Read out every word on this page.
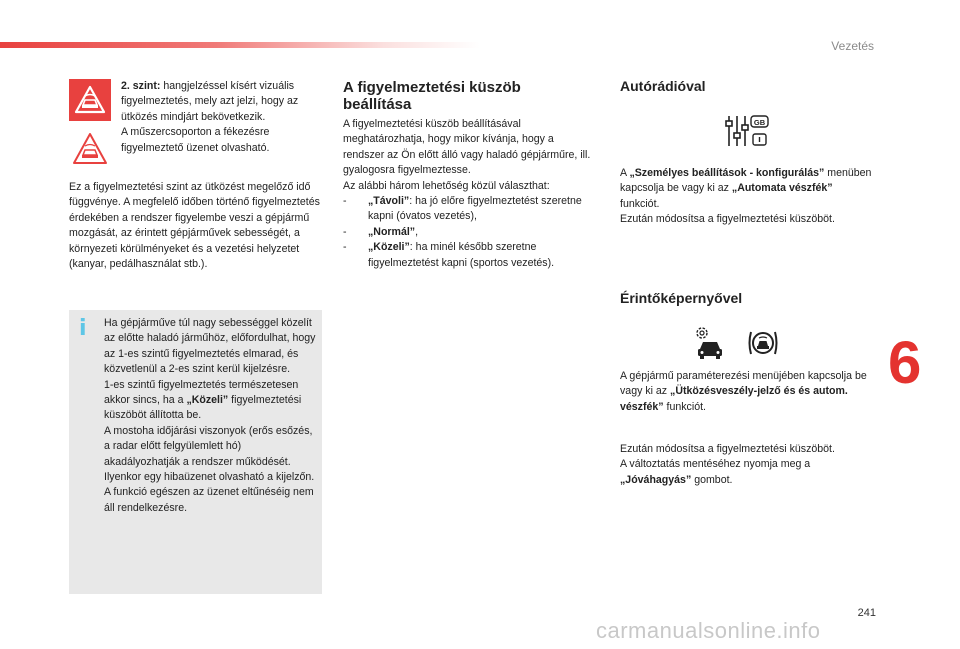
Vezetés
6
241
carmanualsonline.info

2. szint: hangjelzéssel kísért vizuális figyelmeztetés, mely azt jelzi, hogy az ütközés mindjárt bekövetkezik.

A műszercsoporton a fékezésre figyelmeztető üzenet olvasható.

Ez a figyelmeztetési szint az ütközést megelőző idő függvénye. A megfelelő időben történő figyelmeztetés érdekében a rendszer figyelembe veszi a gépjármű mozgását, az érintett gépjárművek sebességét, a környezeti körülményeket és a vezetési helyzetet (kanyar, pedálhasználat stb.).

i Ha gépjárműve túl nagy sebességgel közelít az előtte haladó járműhöz, előfordulhat, hogy az 1-es szintű figyelmeztetés elmarad, és közvetlenül a 2-es szint kerül kijelzésre.

1-es szintű figyelmeztetés természetesen akkor sincs, ha a „Közeli” figyelmeztetési küszöböt állította be.

A mostoha időjárási viszonyok (erős esőzés, a radar előtt felgyülemlett hó) akadályozhatják a rendszer működését. Ilyenkor egy hibaüzenet olvasható a kijelzőn. A funkció egészen az üzenet eltűnéséig nem áll rendelkezésre.

A figyelmeztetési küszöb
beállítása

A figyelmeztetési küszöb beállításával meghatározhatja, hogy mikor kívánja, hogy a rendszer az Ön előtt álló vagy haladó gépjárműre, ill. gyalogosra figyelmeztesse.

Az alábbi három lehetőség közül választhat:

-	„Távoli”: ha jó előre figyelmeztetést szeretne kapni (óvatos vezetés),
-	„Normál”,
-	„Közeli”: ha minél később szeretne figyelmeztetést kapni (sportos vezetés).
Autórádióval
GB

A „Személyes beállítások - konfigurálás” menüben kapcsolja be vagy ki az „Automata vészfék” funkciót.

Ezután módosítsa a figyelmeztetési küszöböt.

Érintőképernyővel

A gépjármű paraméterezési menüjében kapcsolja be vagy ki az „Ütközésveszély-jelző és és autom. vészfék” funkciót.

Ezután módosítsa a figyelmeztetési küszöböt.

A változtatás mentéséhez nyomja meg a „Jóváhagyás” gombot.
